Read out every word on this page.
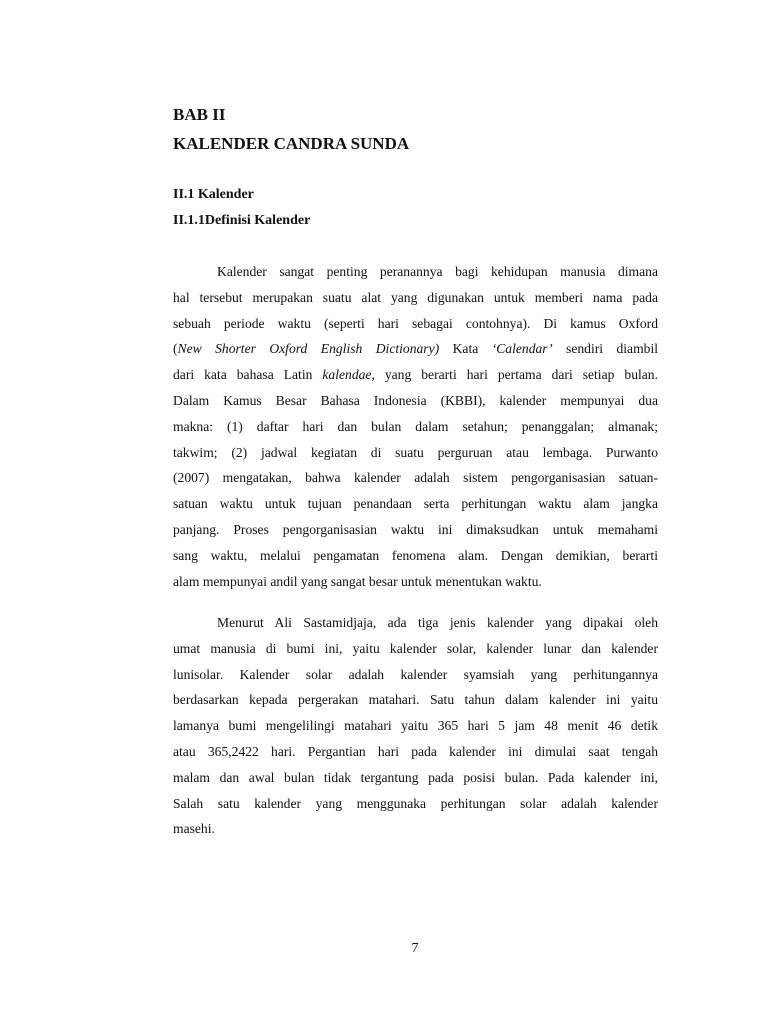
BAB II
KALENDER CANDRA SUNDA
II.1 Kalender
II.1.1Definisi Kalender
Kalender sangat penting peranannya bagi kehidupan manusia dimana
hal tersebut merupakan suatu alat yang digunakan untuk memberi nama pada
sebuah periode waktu (seperti hari sebagai contohnya). Di kamus Oxford
(New Shorter Oxford English Dictionary) Kata ‘Calendar’ sendiri diambil
dari kata bahasa Latin kalendae, yang berarti hari pertama dari setiap bulan.
Dalam Kamus Besar Bahasa Indonesia (KBBI), kalender mempunyai dua
makna: (1) daftar hari dan bulan dalam setahun; penanggalan; almanak;
takwim; (2) jadwal kegiatan di suatu perguruan atau lembaga. Purwanto
(2007) mengatakan, bahwa kalender adalah sistem pengorganisasian satuan-
satuan waktu untuk tujuan penandaan serta perhitungan waktu alam jangka
panjang. Proses pengorganisasian waktu ini dimaksudkan untuk memahami
sang waktu, melalui pengamatan fenomena alam. Dengan demikian, berarti
alam mempunyai andil yang sangat besar untuk menentukan waktu.
Menurut Ali Sastamidjaja, ada tiga jenis kalender yang dipakai oleh
umat manusia di bumi ini, yaitu kalender solar, kalender lunar dan kalender
lunisolar. Kalender solar adalah kalender syamsiah yang perhitungannya
berdasarkan kepada pergerakan matahari. Satu tahun dalam kalender ini yaitu
lamanya bumi mengelilingi matahari yaitu 365 hari 5 jam 48 menit 46 detik
atau 365,2422 hari. Pergantian hari pada kalender ini dimulai saat tengah
malam dan awal bulan tidak tergantung pada posisi bulan. Pada kalender ini,
Salah satu kalender yang menggunaka perhitungan solar adalah kalender
masehi.
7
